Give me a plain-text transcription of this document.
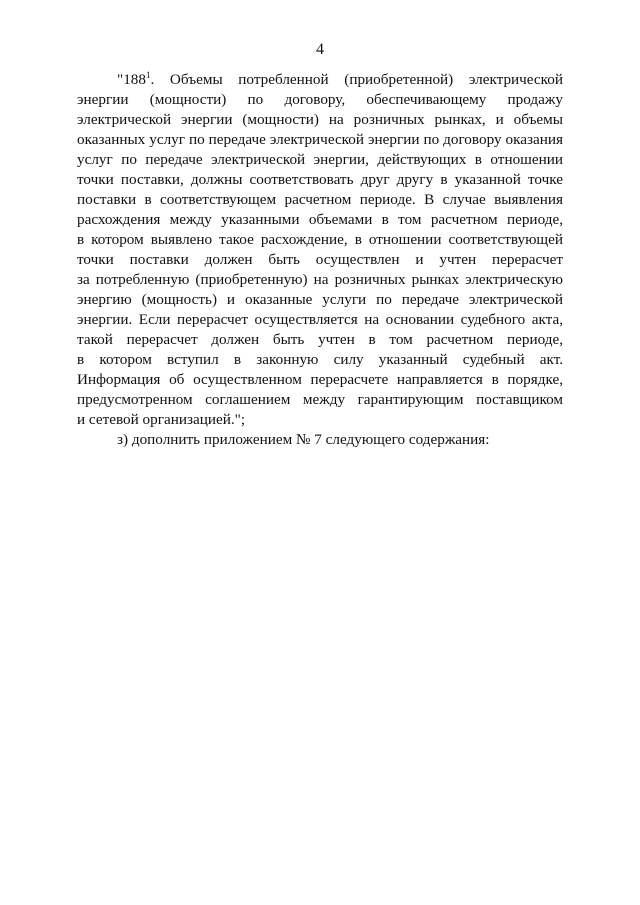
4
"$188^1$. Объемы потребленной (приобретенной) электрической
энергии (мощности) по договору, обеспечивающему продажу
электрической энергии (мощности) на розничных рынках, и объемы
оказанных услуг по передаче электрической энергии по договору оказания
услуг по передаче электрической энергии, действующих в отношении
точки поставки, должны соответствовать друг другу в указанной точке
поставки в соответствующем расчетном периоде. В случае выявления
расхождения между указанными объемами в том расчетном периоде,
в котором выявлено такое расхождение, в отношении соответствующей
точки поставки должен быть осуществлен и учтен перерасчет
за потребленную (приобретенную) на розничных рынках электрическую
энергию (мощность) и оказанные услуги по передаче электрической
энергии. Если перерасчет осуществляется на основании судебного акта,
такой перерасчет должен быть учтен в том расчетном периоде,
в котором вступил в законную силу указанный судебный акт.
Информация об осуществленном перерасчете направляется в порядке,
предусмотренном соглашением между гарантирующим поставщиком
и сетевой организацией.";
з) дополнить приложением № 7 следующего содержания:
